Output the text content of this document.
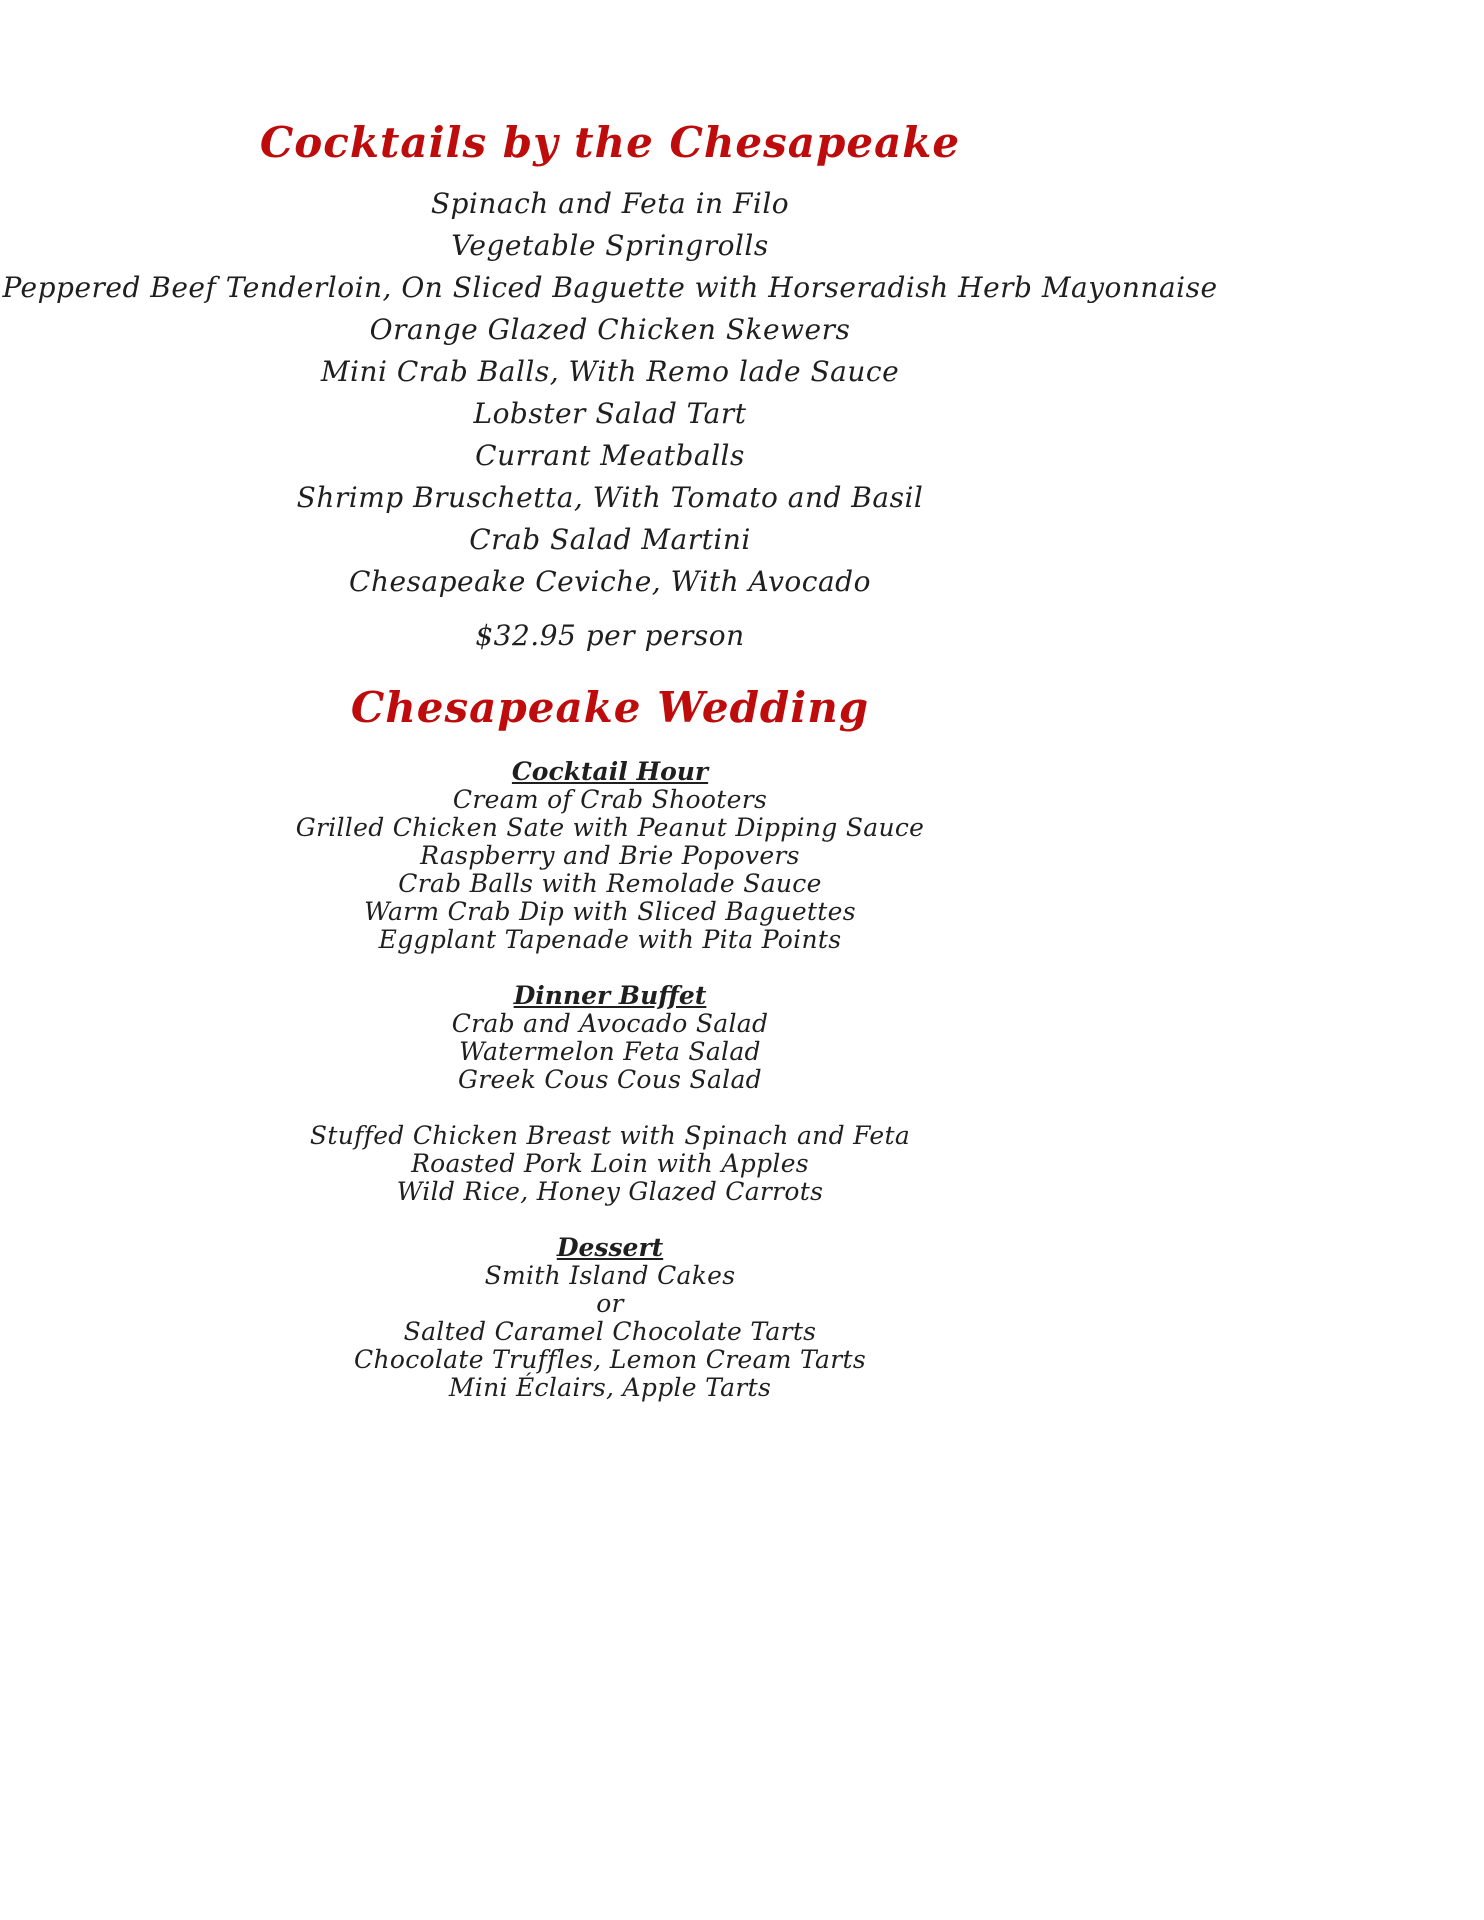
Cocktails by the Chesapeake
Spinach and Feta in Filo
Vegetable Springrolls
Peppered Beef Tenderloin, On Sliced Baguette with Horseradish Herb Mayonnaise
Orange Glazed Chicken Skewers
Mini Crab Balls, With Remo lade Sauce
Lobster Salad Tart
Currant Meatballs
Shrimp Bruschetta, With Tomato and Basil
Crab Salad Martini
Chesapeake Ceviche, With Avocado
$32.95 per person
Chesapeake Wedding
Cocktail Hour
Cream of Crab Shooters
Grilled Chicken Sate with Peanut Dipping Sauce
Raspberry and Brie Popovers
Crab Balls with Remolade Sauce
Warm Crab Dip with Sliced Baguettes
Eggplant Tapenade with Pita Points
Dinner Buffet
Crab and Avocado Salad
Watermelon Feta Salad
Greek Cous Cous Salad
Stuffed Chicken Breast with Spinach and Feta
Roasted Pork Loin with Apples
Wild Rice, Honey Glazed Carrots
Dessert
Smith Island Cakes
or
Salted Caramel Chocolate Tarts
Chocolate Truffles, Lemon Cream Tarts
Mini Éclairs, Apple Tarts
